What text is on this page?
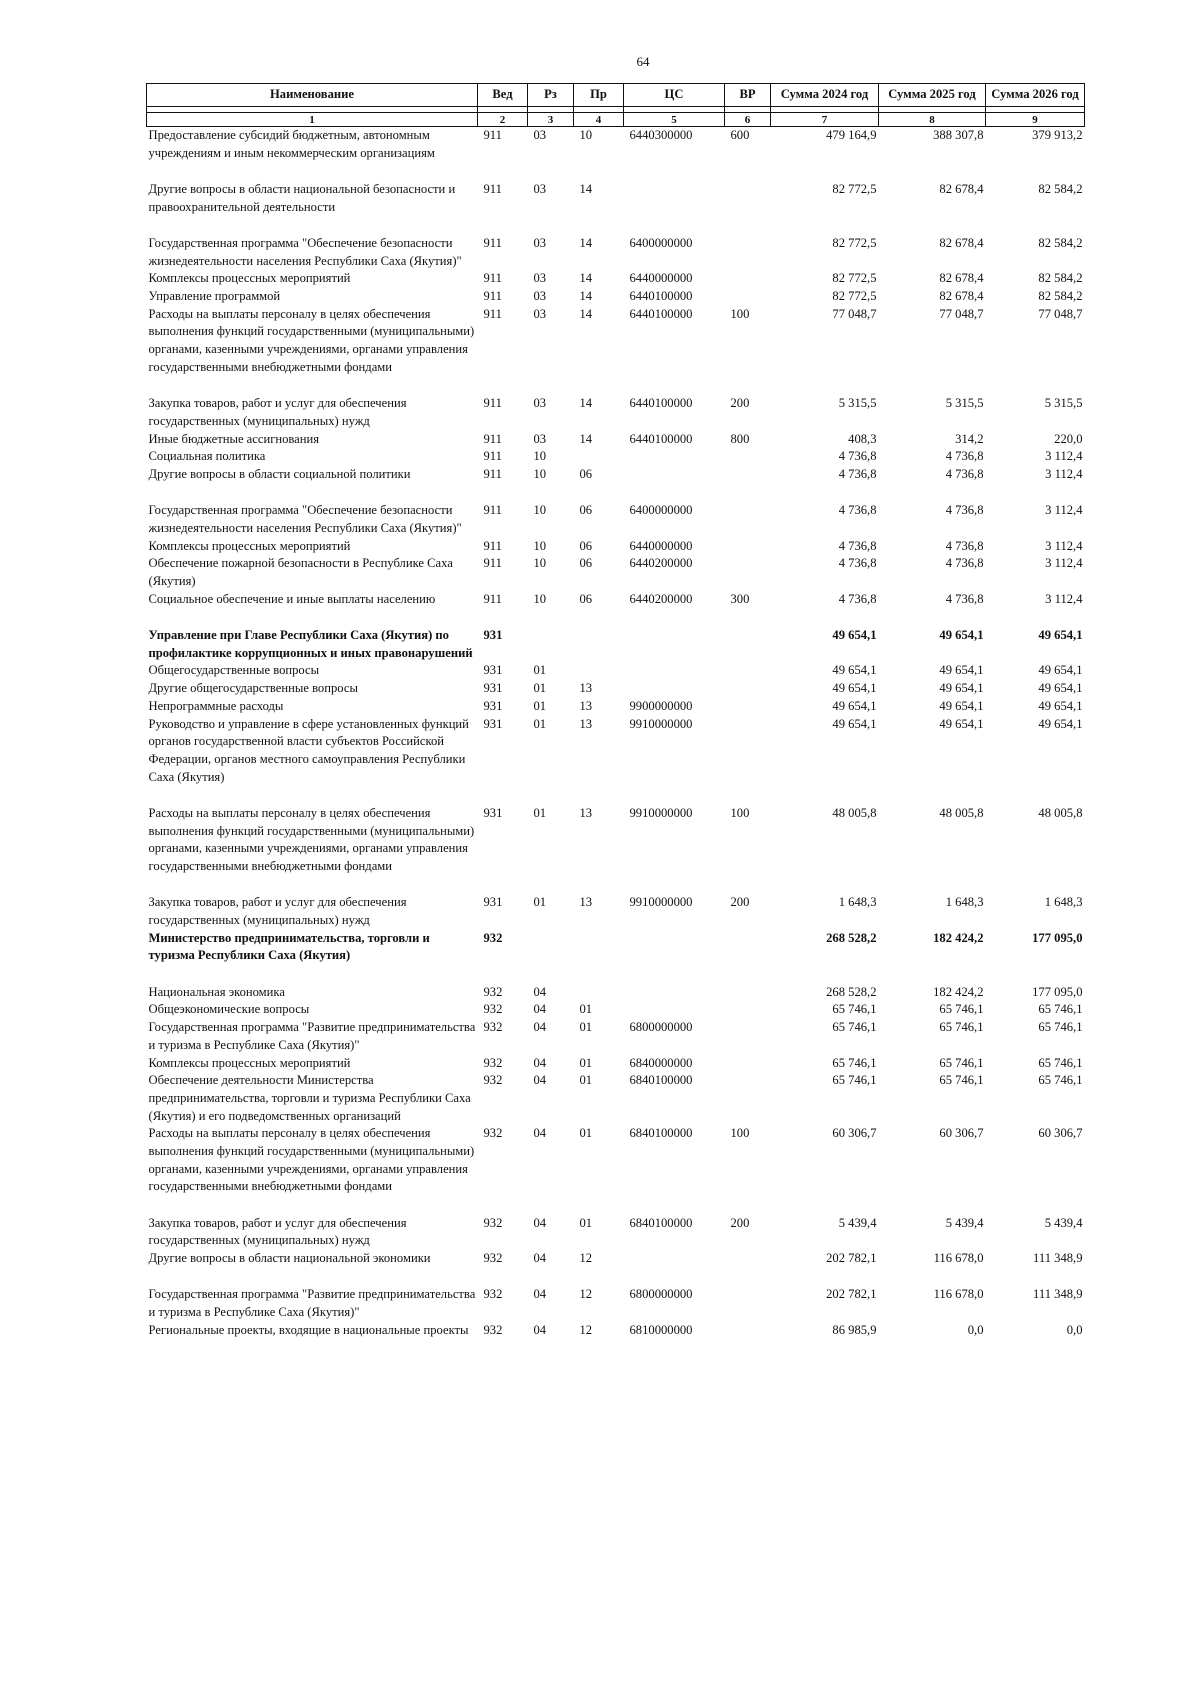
64
Наименование	Вед	Рз	Пр	ЦС	ВР	Сумма 2024 год	Сумма 2025 год	Сумма 2026 год

1	2	3	4	5	6	7	8	9
Предоставление субсидий бюджетным, автономным учреждениям и иным некоммерческим организациям	911	03	10	6440300000	600	479 164,9	388 307,8	379 913,2
Другие вопросы в области национальной безопасности и правоохранительной деятельности	911	03	14			82 772,5	82 678,4	82 584,2
Государственная программа "Обеспечение безопасности жизнедеятельности населения Республики Саха (Якутия)"	911	03	14	6400000000		82 772,5	82 678,4	82 584,2
Комплексы процессных мероприятий	911	03	14	6440000000		82 772,5	82 678,4	82 584,2
Управление программой	911	03	14	6440100000		82 772,5	82 678,4	82 584,2
Расходы на выплаты персоналу в целях обеспечения выполнения функций государственными (муниципальными) органами, казенными учреждениями, органами управления государственными внебюджетными фондами	911	03	14	6440100000	100	77 048,7	77 048,7	77 048,7
Закупка товаров, работ и услуг для обеспечения государственных (муниципальных) нужд	911	03	14	6440100000	200	5 315,5	5 315,5	5 315,5
Иные бюджетные ассигнования	911	03	14	6440100000	800	408,3	314,2	220,0
Социальная политика	911	10				4 736,8	4 736,8	3 112,4
Другие вопросы в области социальной политики	911	10	06			4 736,8	4 736,8	3 112,4
Государственная программа "Обеспечение безопасности жизнедеятельности населения Республики Саха (Якутия)"	911	10	06	6400000000		4 736,8	4 736,8	3 112,4
Комплексы процессных мероприятий	911	10	06	6440000000		4 736,8	4 736,8	3 112,4
Обеспечение пожарной безопасности в Республике Саха (Якутия)	911	10	06	6440200000		4 736,8	4 736,8	3 112,4
Социальное обеспечение и иные выплаты населению	911	10	06	6440200000	300	4 736,8	4 736,8	3 112,4
Управление при Главе Республики Саха (Якутия) по профилактике коррупционных и иных правонарушений	931					49 654,1	49 654,1	49 654,1
Общегосударственные вопросы	931	01				49 654,1	49 654,1	49 654,1
Другие общегосударственные вопросы	931	01	13			49 654,1	49 654,1	49 654,1
Непрограммные расходы	931	01	13	9900000000		49 654,1	49 654,1	49 654,1
Руководство и управление в сфере установленных функций органов государственной власти субъектов Российской Федерации, органов местного самоуправления Республики Саха (Якутия)	931	01	13	9910000000		49 654,1	49 654,1	49 654,1
Расходы на выплаты персоналу в целях обеспечения выполнения функций государственными (муниципальными) органами, казенными учреждениями, органами управления государственными внебюджетными фондами	931	01	13	9910000000	100	48 005,8	48 005,8	48 005,8
Закупка товаров, работ и услуг для обеспечения государственных (муниципальных) нужд	931	01	13	9910000000	200	1 648,3	1 648,3	1 648,3
Министерство предпринимательства, торговли и туризма Республики Саха (Якутия)	932					268 528,2	182 424,2	177 095,0
Национальная экономика	932	04				268 528,2	182 424,2	177 095,0
Общеэкономические вопросы	932	04	01			65 746,1	65 746,1	65 746,1
Государственная программа "Развитие предпринимательства и туризма в Республике Саха (Якутия)"	932	04	01	6800000000		65 746,1	65 746,1	65 746,1
Комплексы процессных мероприятий	932	04	01	6840000000		65 746,1	65 746,1	65 746,1
Обеспечение деятельности Министерства предпринимательства, торговли и туризма Республики Саха (Якутия) и его подведомственных организаций	932	04	01	6840100000		65 746,1	65 746,1	65 746,1
Расходы на выплаты персоналу в целях обеспечения выполнения функций государственными (муниципальными) органами, казенными учреждениями, органами управления государственными внебюджетными фондами	932	04	01	6840100000	100	60 306,7	60 306,7	60 306,7
Закупка товаров, работ и услуг для обеспечения государственных (муниципальных) нужд	932	04	01	6840100000	200	5 439,4	5 439,4	5 439,4
Другие вопросы в области национальной экономики	932	04	12			202 782,1	116 678,0	111 348,9
Государственная программа "Развитие предпринимательства и туризма в Республике Саха (Якутия)"	932	04	12	6800000000		202 782,1	116 678,0	111 348,9
Региональные проекты, входящие в национальные проекты	932	04	12	6810000000		86 985,9	0,0	0,0
